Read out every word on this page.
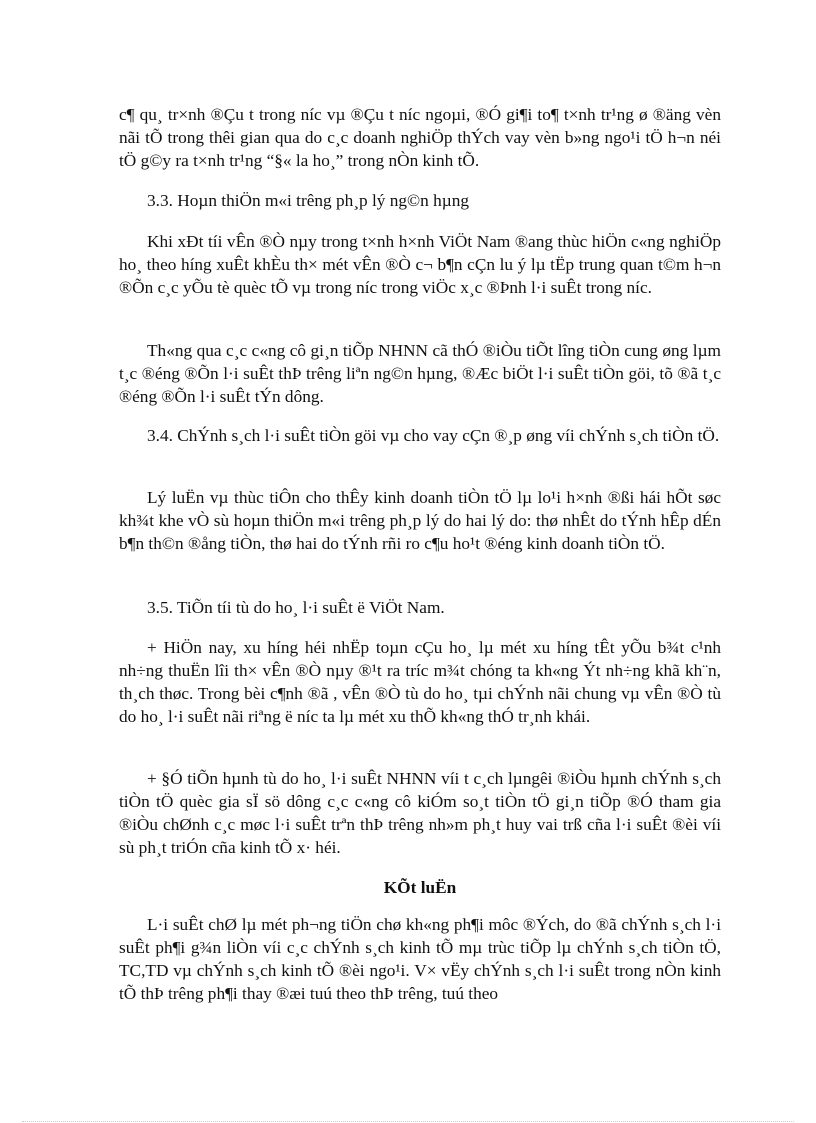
c¶ qu¸ tr×nh ®Çu t trong níc vµ ®Çu t níc ngoµi, ®Ó gi¶i to¶ t×nh tr¹ng ø ®äng vèn nãi tÕ trong thêi gian qua do c¸c doanh nghiÖp thÝch vay vèn b»ng ngo¹i tÖ h¬n néi tÖ g©y ra t×nh tr¹ng “§« la ho¸” trong nÒn kinh tÕ.

3.3. Hoµn thiÖn m«i trêng ph¸p lý ng©n hµng

Khi xÐt tíi vÊn ®Ò nµy trong t×nh h×nh ViÖt Nam ®ang thùc hiÖn c«ng nghiÖp ho¸ theo híng xuÊt khÈu th× mét vÊn ®Ò c¬ b¶n cÇn lu ý lµ tËp trung quan t©m h¬n ®Õn c¸c yÕu tè quèc tÕ vµ trong níc trong viÖc x¸c ®Þnh l·i suÊt trong níc.

Th«ng qua c¸c c«ng cô gi¸n tiÕp NHNN cã thÓ ®iÒu tiÕt lîng tiÒn cung øng lµm t¸c ®éng ®Õn l·i suÊt thÞ trêng liªn ng©n hµng, ®Æc biÖt l·i suÊt tiÒn göi, tõ ®ã t¸c ®éng ®Õn l·i suÊt tÝn dông.

3.4. ChÝnh s¸ch l·i suÊt tiÒn göi vµ cho vay cÇn ®¸p øng víi chÝnh s¸ch tiÒn tÖ.

Lý luËn vµ thùc tiÔn cho thÊy kinh doanh tiÒn tÖ lµ lo¹i h×nh ®ßi hái hÕt søc kh¾t khe vÒ sù hoµn thiÖn m«i trêng ph¸p lý do hai lý do: thø nhÊt do tÝnh hÊp dÉn b¶n th©n ®ång tiÒn, thø hai do tÝnh rñi ro c¶u ho¹t ®éng kinh doanh tiÒn tÖ.

3.5. TiÕn tíi tù do ho¸ l·i suÊt ë ViÖt Nam.

+ HiÖn nay, xu híng héi nhËp toµn cÇu ho¸ lµ mét xu híng tÊt yÕu b¾t c¹nh nh÷ng thuËn lîi th× vÊn ®Ò nµy ®¹t ra tríc m¾t chóng ta kh«ng Ýt nh÷ng khã kh¨n, th¸ch thøc. Trong bèi c¶nh ®ã , vÊn ®Ò tù do ho¸ tµi chÝnh nãi chung vµ vÊn ®Ò tù do ho¸ l·i suÊt nãi riªng ë níc ta lµ mét xu thÕ kh«ng thÓ tr¸nh khái.

+ §Ó tiÕn hµnh tù do ho¸ l·i suÊt NHNN víi t c¸ch lµngêi ®iÒu hµnh chÝnh s¸ch tiÒn tÖ quèc gia sÏ sö dông c¸c c«ng cô kiÓm so¸t tiÒn tÖ gi¸n tiÕp ®Ó tham gia ®iÒu chØnh c¸c møc l·i suÊt trªn thÞ trêng nh»m ph¸t huy vai trß cña l·i suÊt ®èi víi sù ph¸t triÓn cña kinh tÕ x· héi.

KÕt luËn

L·i suÊt chØ lµ mét ph¬ng tiÖn chø kh«ng ph¶i môc ®Ých, do ®ã chÝnh s¸ch l·i suÊt ph¶i g¾n liÒn víi c¸c chÝnh s¸ch kinh tÕ mµ trùc tiÕp lµ chÝnh s¸ch tiÒn tÖ, TC,TD vµ chÝnh s¸ch kinh tÕ ®èi ngo¹i. V× vËy chÝnh s¸ch l·i suÊt trong nÒn kinh tÕ thÞ trêng ph¶i thay ®æi tuú theo thÞ trêng, tuú theo
